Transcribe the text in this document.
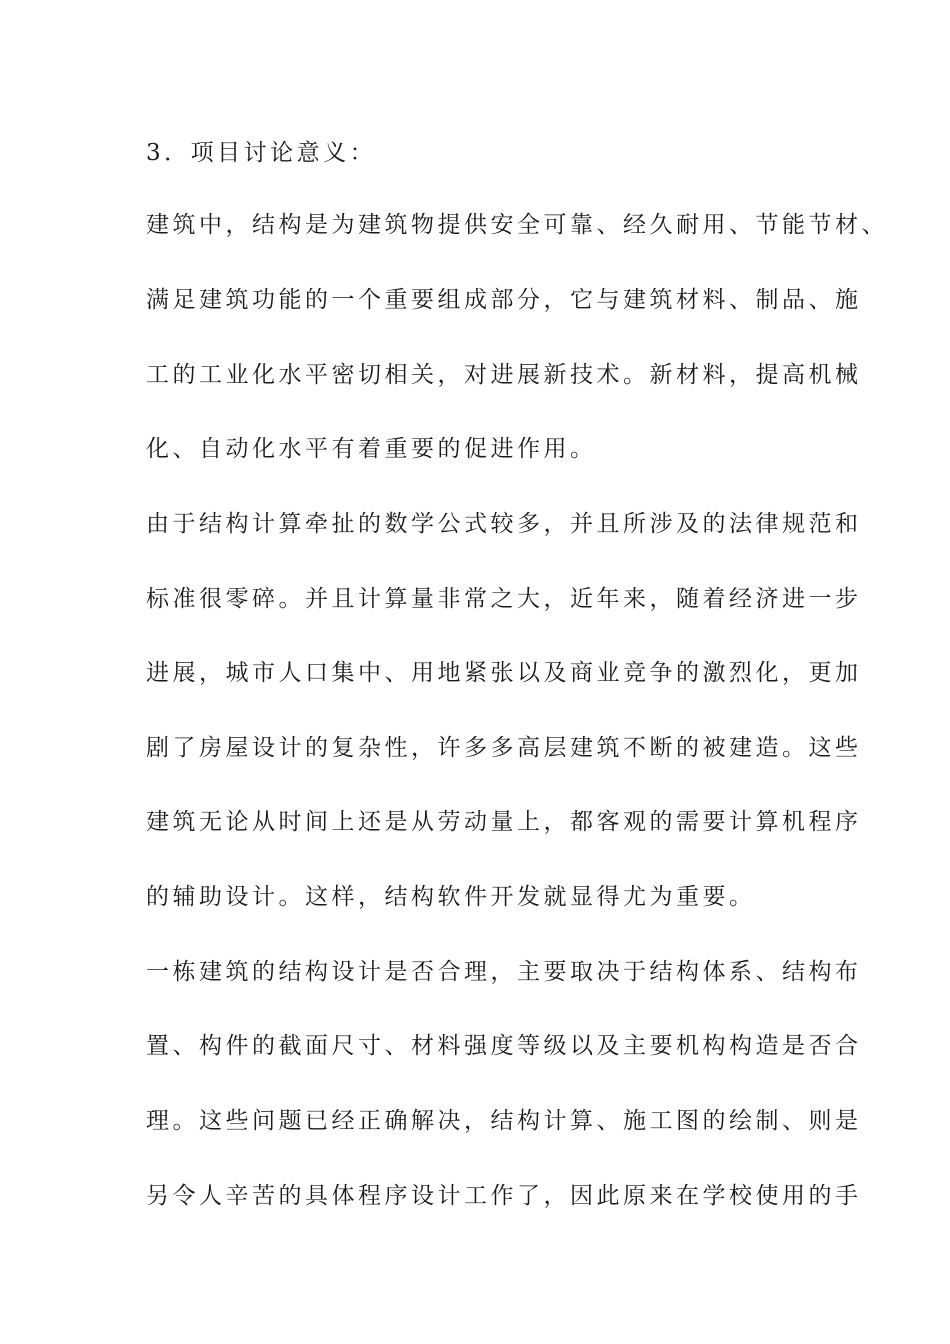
3．项目讨论意义：
建筑中，结构是为建筑物提供安全可靠、经久耐用、节能节材、
满足建筑功能的一个重要组成部分，它与建筑材料、制品、施
工的工业化水平密切相关，对进展新技术。新材料，提高机械
化、自动化水平有着重要的促进作用。
由于结构计算牵扯的数学公式较多，并且所涉及的法律规范和
标准很零碎。并且计算量非常之大，近年来，随着经济进一步
进展，城市人口集中、用地紧张以及商业竞争的激烈化，更加
剧了房屋设计的复杂性，许多多高层建筑不断的被建造。这些
建筑无论从时间上还是从劳动量上，都客观的需要计算机程序
的辅助设计。这样，结构软件开发就显得尤为重要。
一栋建筑的结构设计是否合理，主要取决于结构体系、结构布
置、构件的截面尺寸、材料强度等级以及主要机构构造是否合
理。这些问题已经正确解决，结构计算、施工图的绘制、则是
另令人辛苦的具体程序设计工作了，因此原来在学校使用的手
